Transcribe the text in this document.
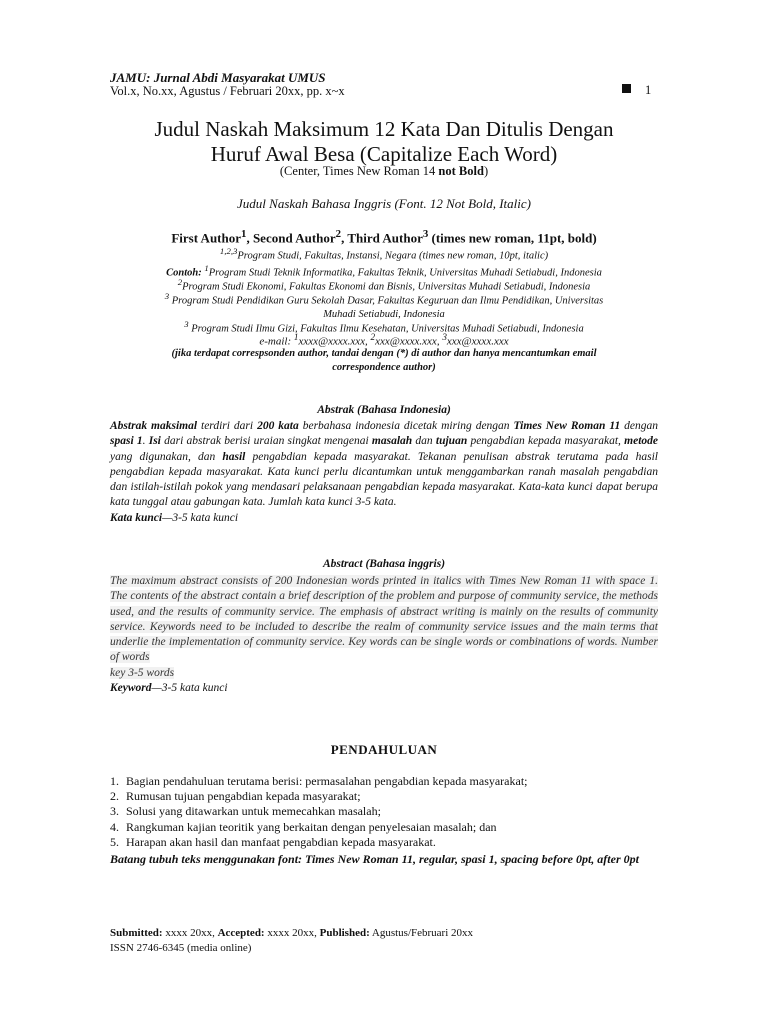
JAMU: Jurnal Abdi Masyarakat UMUS
Vol.x, No.xx, Agustus / Februari 20xx, pp. x~x	1
Judul Naskah Maksimum 12 Kata Dan Ditulis Dengan
Huruf Awal Besa (Capitalize Each Word)
(Center, Times New Roman 14 not Bold)
Judul Naskah Bahasa Inggris (Font. 12 Not Bold, Italic)
First Author$^1$, Second Author$^2$, Third Author$^3$ (times new roman, 11pt, bold)
$^{1,2,3}$Program Studi, Fakultas, Instansi, Negara (times new roman, 10pt, italic)
Contoh: $^1$Program Studi Teknik Informatika, Fakultas Teknik, Universitas Muhadi Setiabudi, Indonesia
$^2$Program Studi Ekonomi, Fakultas Ekonomi dan Bisnis, Universitas Muhadi Setiabudi, Indonesia
$^3$ Program Studi Pendidikan Guru Sekolah Dasar, Fakultas Keguruan dan Ilmu Pendidikan, Universitas
Muhadi Setiabudi, Indonesia
$^3$ Program Studi Ilmu Gizi, Fakultas Ilmu Kesehatan, Universitas Muhadi Setiabudi, Indonesia
e-mail: $^1$xxxx@xxxx.xxx, $^2$xxx@xxxx.xxx, $^3$xxx@xxxx.xxx
(jika terdapat correspsonden author, tandai dengan (*) di author dan hanya mencantumkan email
correspondence author)
Abstrak (Bahasa Indonesia)
Abstrak maksimal terdiri dari 200 kata berbahasa indonesia dicetak miring dengan Times New Roman 11 dengan spasi 1. Isi dari abstrak berisi uraian singkat mengenai masalah dan tujuan pengabdian kepada masyarakat, metode yang digunakan, dan hasil pengabdian kepada masyarakat. Tekanan penulisan abstrak terutama pada hasil pengabdian kepada masyarakat. Kata kunci perlu dicantumkan untuk menggambarkan ranah masalah pengabdian dan istilah-istilah pokok yang mendasari pelaksanaan pengabdian kepada masyarakat. Kata-kata kunci dapat berupa kata tunggal atau gabungan kata. Jumlah kata kunci 3-5 kata.
Kata kunci—3-5 kata kunci
Abstract (Bahasa inggris)
The maximum abstract consists of 200 Indonesian words printed in italics with Times New Roman 11 with space 1. The contents of the abstract contain a brief description of the problem and purpose of community service, the methods used, and the results of community service. The emphasis of abstract writing is mainly on the results of community service. Keywords need to be included to describe the realm of community service issues and the main terms that underlie the implementation of community service. Key words can be single words or combinations of words. Number of words
key 3-5 words
Keyword—3-5 kata kunci
PENDAHULUAN
1. Bagian pendahuluan terutama berisi: permasalahan pengabdian kepada masyarakat;
2. Rumusan tujuan pengabdian kepada masyarakat;
3. Solusi yang ditawarkan untuk memecahkan masalah;
4. Rangkuman kajian teoritik yang berkaitan dengan penyelesaian masalah; dan
5. Harapan akan hasil dan manfaat pengabdian kepada masyarakat.
Batang tubuh teks menggunakan font: Times New Roman 11, regular, spasi 1, spacing before 0pt, after 0pt
Submitted: xxxx 20xx, Accepted: xxxx 20xx, Published: Agustus/Februari 20xx
ISSN 2746-6345 (media online)
